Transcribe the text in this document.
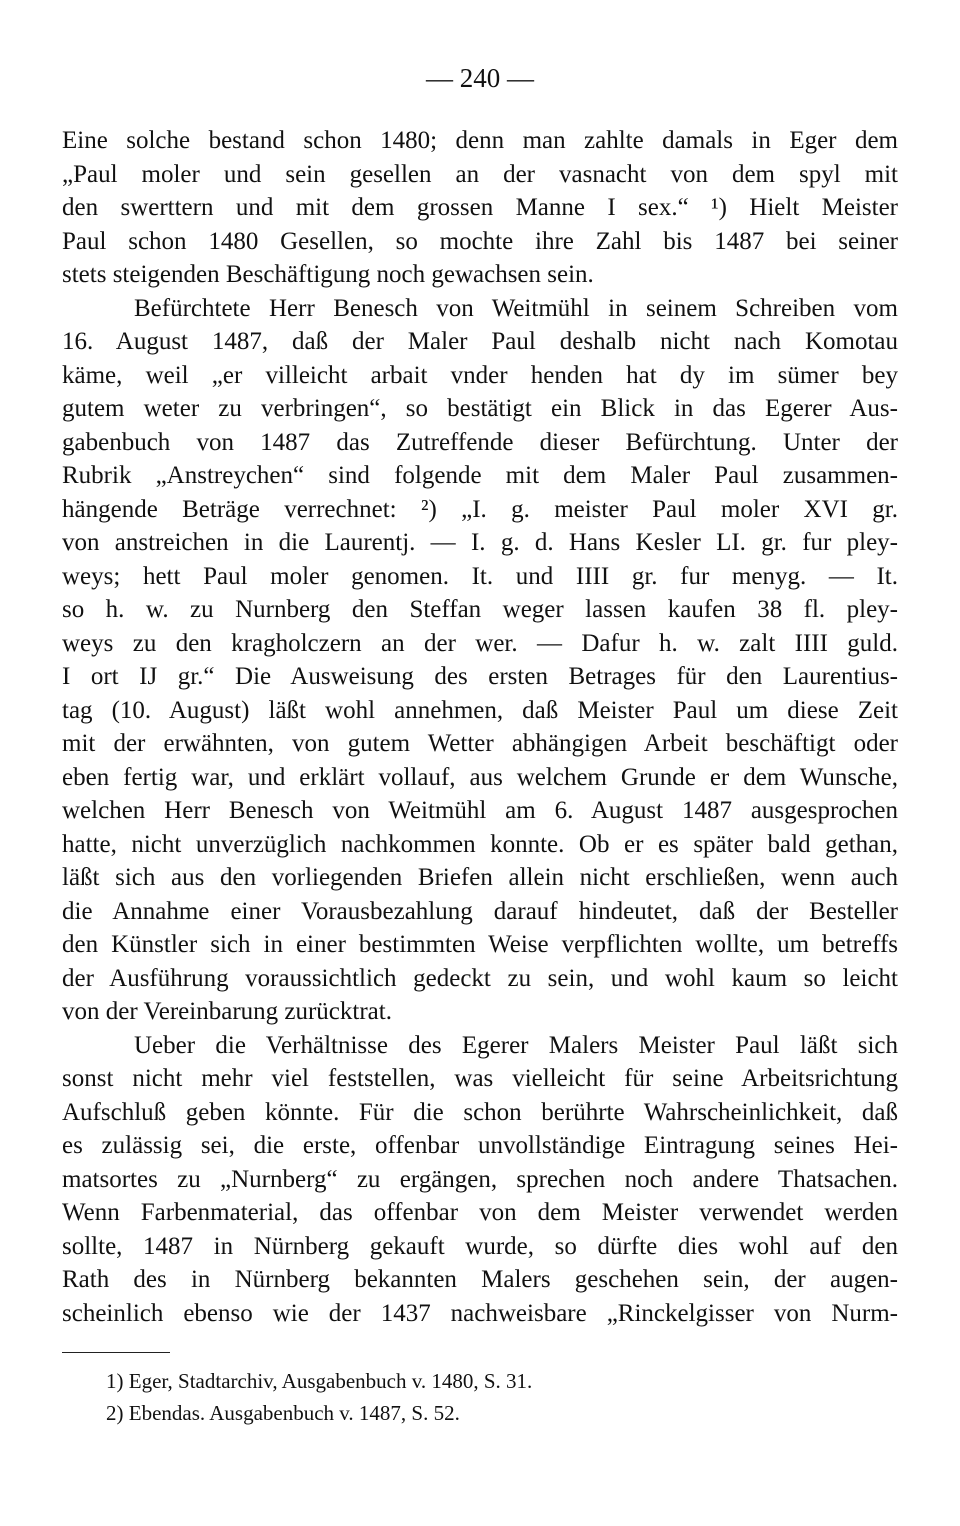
— 240 —
Eine solche bestand schon 1480; denn man zahlte damals in Eger dem
„Paul moler und sein gesellen an der vasnacht von dem spyl mit
den swerttern und mit dem grossen Manne I sex.“ ¹) Hielt Meister
Paul schon 1480 Gesellen, so mochte ihre Zahl bis 1487 bei seiner
stets steigenden Beschäftigung noch gewachsen sein.
Befürchtete Herr Benesch von Weitmühl in seinem Schreiben vom
16. August 1487, daß der Maler Paul deshalb nicht nach Komotau
käme, weil „er villeicht arbait vnder henden hat dy im sümer bey
gutem weter zu verbringen“, so bestätigt ein Blick in das Egerer Aus-
gabenbuch von 1487 das Zutreffende dieser Befürchtung. Unter der
Rubrik „Anstreychen“ sind folgende mit dem Maler Paul zusammen-
hängende Beträge verrechnet: ²) „I. g. meister Paul moler XVI gr.
von anstreichen in die Laurentj. — I. g. d. Hans Kesler LI. gr. fur pley-
weys; hett Paul moler genomen. It. und IIII gr. fur menyg. — It.
so h. w. zu Nurnberg den Steffan weger lassen kaufen 38 fl. pley-
weys zu den kragholczern an der wer. — Dafur h. w. zalt IIII guld.
I ort IJ gr.“ Die Ausweisung des ersten Betrages für den Laurentius-
tag (10. August) läßt wohl annehmen, daß Meister Paul um diese Zeit
mit der erwähnten, von gutem Wetter abhängigen Arbeit beschäftigt oder
eben fertig war, und erklärt vollauf, aus welchem Grunde er dem Wunsche,
welchen Herr Benesch von Weitmühl am 6. August 1487 ausgesprochen
hatte, nicht unverzüglich nachkommen konnte. Ob er es später bald gethan,
läßt sich aus den vorliegenden Briefen allein nicht erschließen, wenn auch
die Annahme einer Vorausbezahlung darauf hindeutet, daß der Besteller
den Künstler sich in einer bestimmten Weise verpflichten wollte, um betreffs
der Ausführung voraussichtlich gedeckt zu sein, und wohl kaum so leicht
von der Vereinbarung zurücktrat.
Ueber die Verhältnisse des Egerer Malers Meister Paul läßt sich
sonst nicht mehr viel feststellen, was vielleicht für seine Arbeitsrichtung
Aufschluß geben könnte. Für die schon berührte Wahrscheinlichkeit, daß
es zulässig sei, die erste, offenbar unvollständige Eintragung seines Hei-
matsortes zu „Nurnberg“ zu ergängen, sprechen noch andere Thatsachen.
Wenn Farbenmaterial, das offenbar von dem Meister verwendet werden
sollte, 1487 in Nürnberg gekauft wurde, so dürfte dies wohl auf den
Rath des in Nürnberg bekannten Malers geschehen sein, der augen-
scheinlich ebenso wie der 1437 nachweisbare „Rinckelgisser von Nurm-
1) Eger, Stadtarchiv, Ausgabenbuch v. 1480, S. 31.
2) Ebendas. Ausgabenbuch v. 1487, S. 52.
